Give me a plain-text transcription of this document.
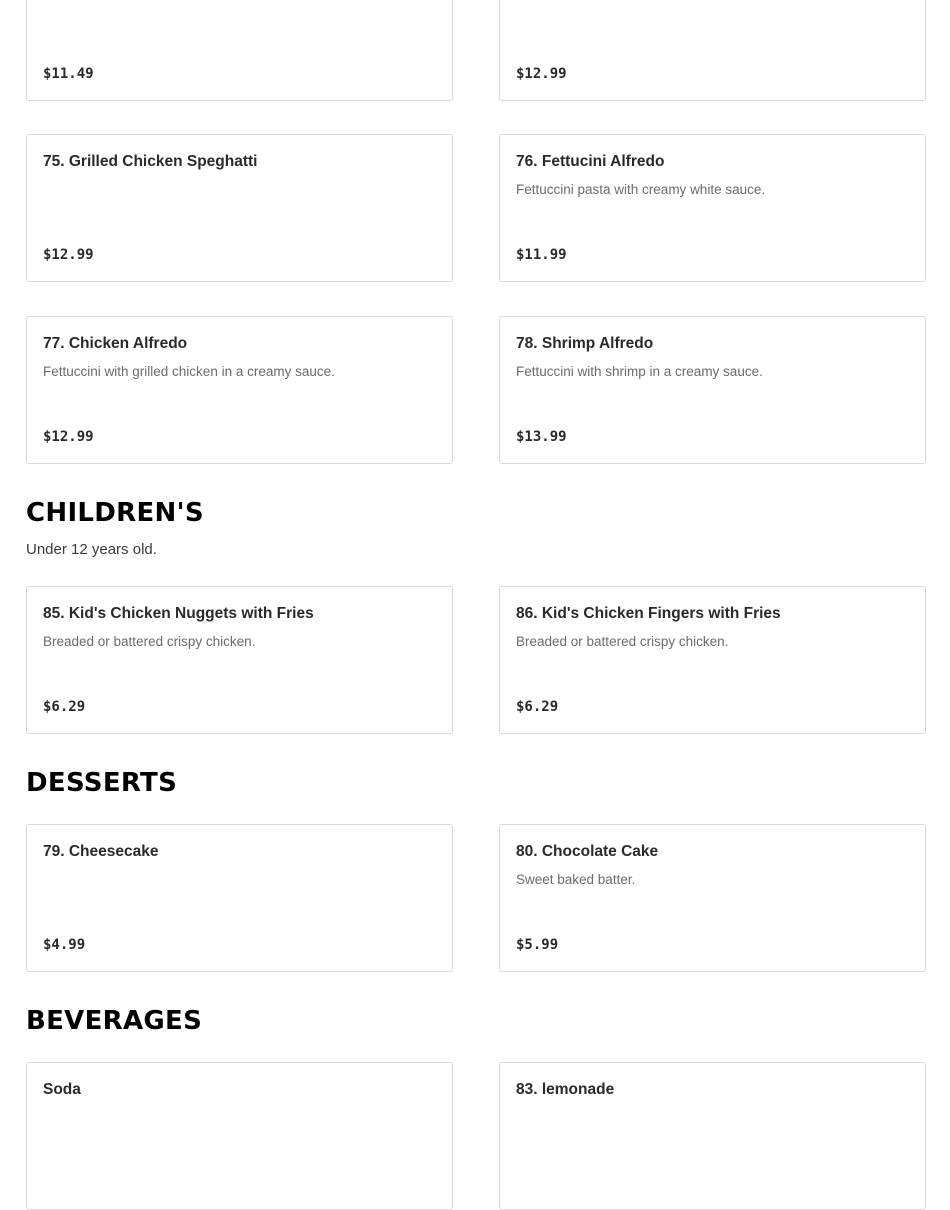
$11.49	$12.99
75. Grilled Chicken Speghatti
$12.99
76. Fettucini Alfredo
Fettuccini pasta with creamy white sauce.
$11.99
77. Chicken Alfredo
Fettuccini with grilled chicken in a creamy sauce.
$12.99
78. Shrimp Alfredo
Fettuccini with shrimp in a creamy sauce.
$13.99
CHILDREN'S
Under 12 years old.
85. Kid's Chicken Nuggets with Fries
Breaded or battered crispy chicken.
$6.29
86. Kid's Chicken Fingers with Fries
Breaded or battered crispy chicken.
$6.29
DESSERTS
79. Cheesecake
$4.99
80. Chocolate Cake
Sweet baked batter.
$5.99
BEVERAGES
Soda	83. lemonade
